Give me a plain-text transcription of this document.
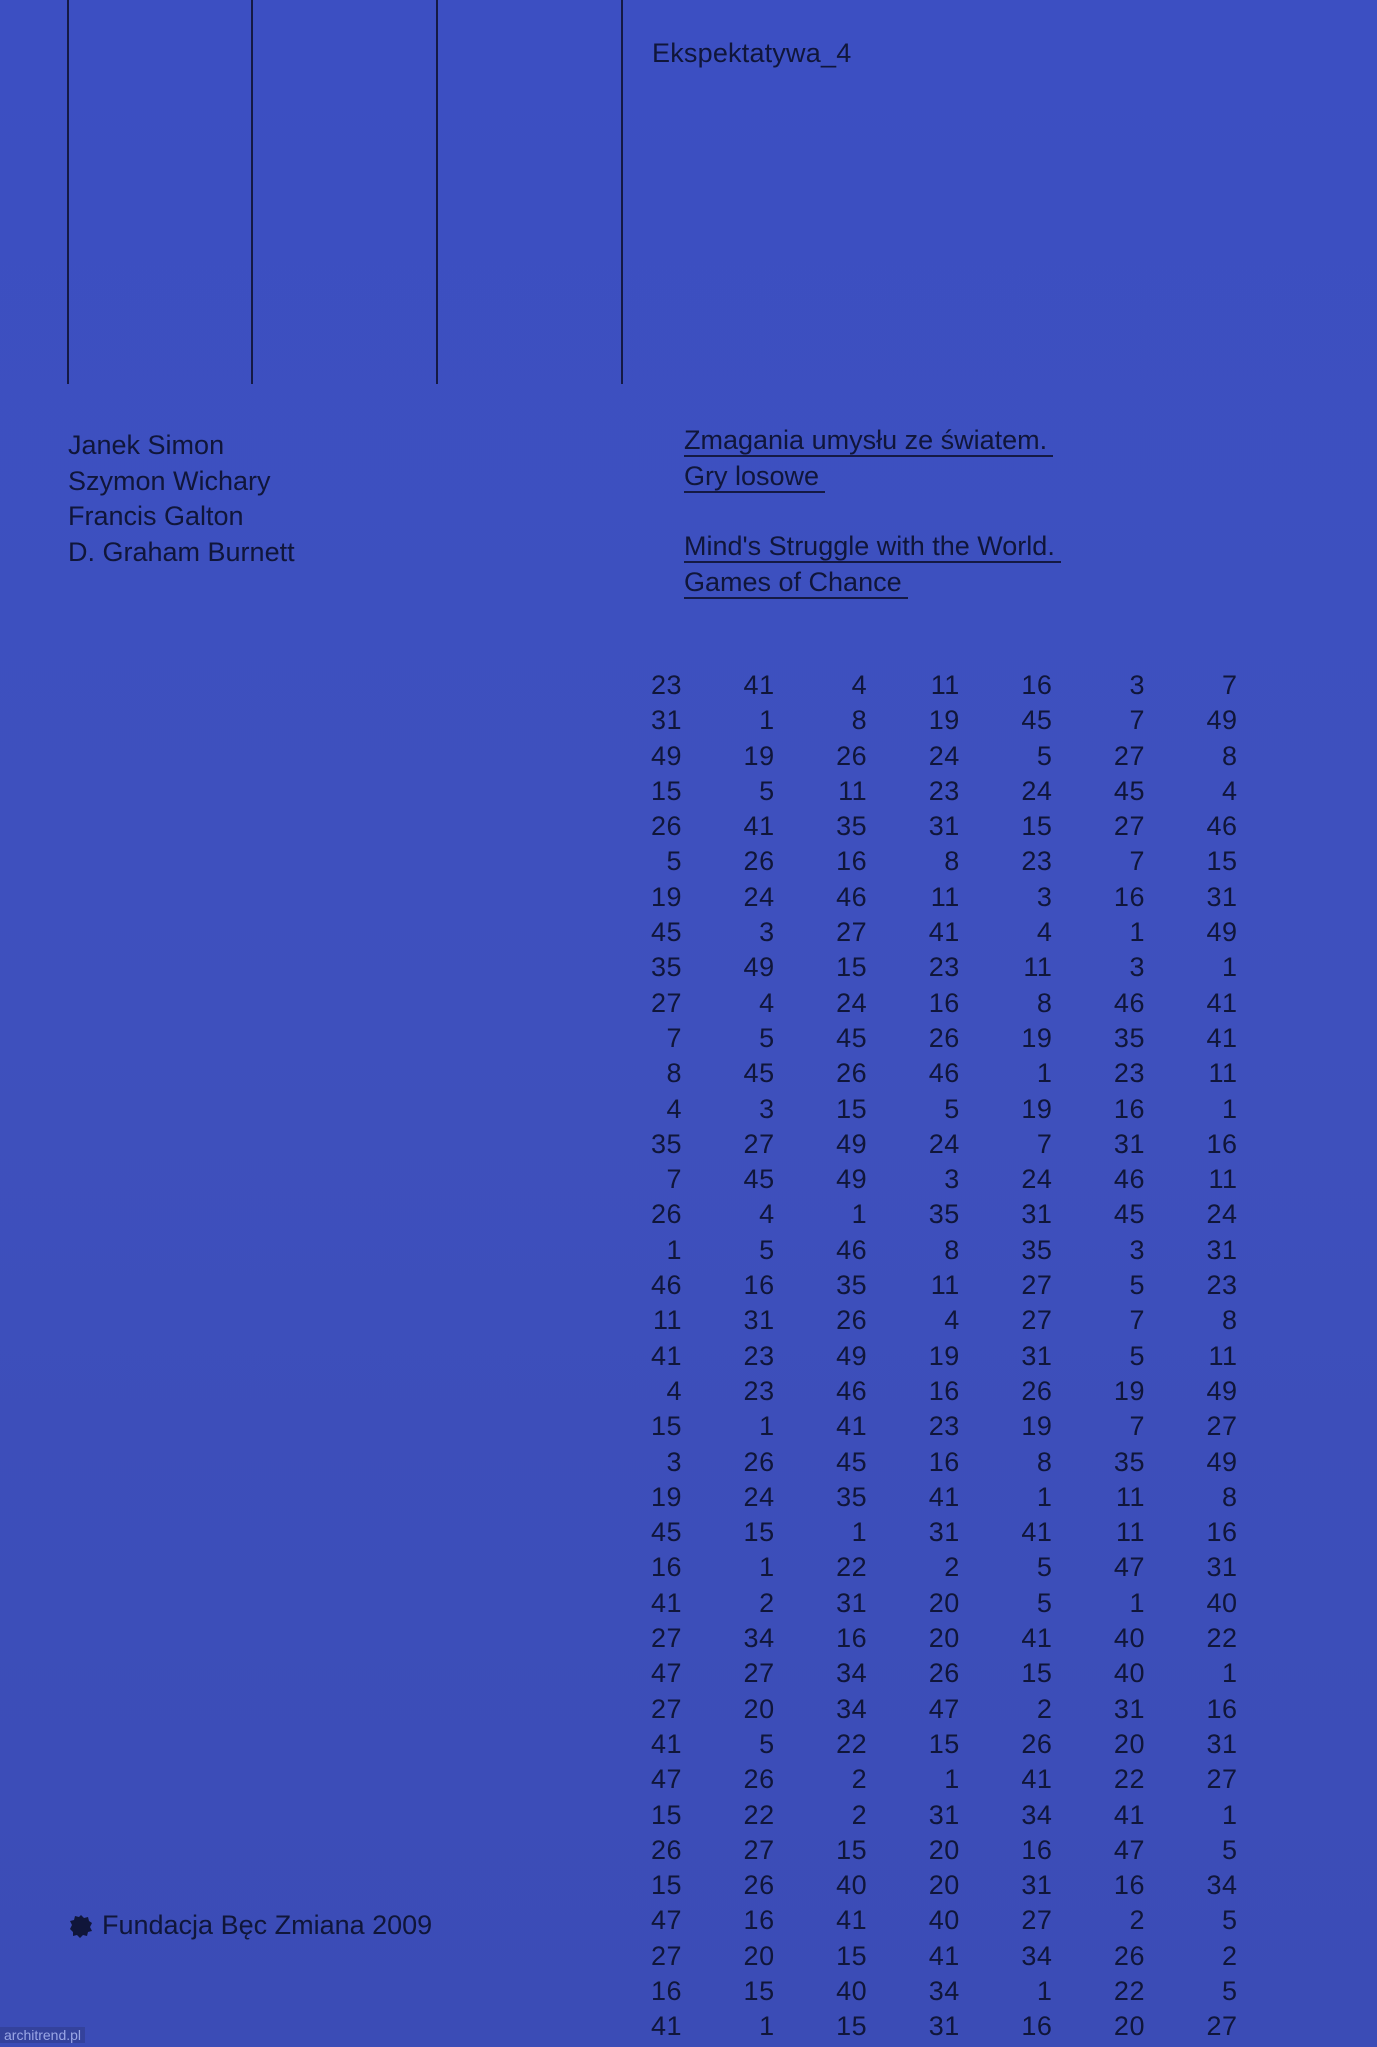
Ekspektatywa_4
Janek Simon
Szymon Wichary
Francis Galton
D. Graham Burnett
Zmagania umysłu ze światem.
Gry losowe
Mind's Struggle with the World.
Games of Chance
23	41	4	11	16	3	7
31	1	8	19	45	7	49
49	19	26	24	5	27	8
15	5	11	23	24	45	4
26	41	35	31	15	27	46
5	26	16	8	23	7	15
19	24	46	11	3	16	31
45	3	27	41	4	1	49
35	49	15	23	11	3	1
27	4	24	16	8	46	41
7	5	45	26	19	35	41
8	45	26	46	1	23	11
4	3	15	5	19	16	1
35	27	49	24	7	31	16
7	45	49	3	24	46	11
26	4	1	35	31	45	24
1	5	46	8	35	3	31
46	16	35	11	27	5	23
11	31	26	4	27	7	8
41	23	49	19	31	5	11
4	23	46	16	26	19	49
15	1	41	23	19	7	27
3	26	45	16	8	35	49
19	24	35	41	1	11	8
45	15	1	31	41	11	16
16	1	22	2	5	47	31
41	2	31	20	5	1	40
27	34	16	20	41	40	22
47	27	34	26	15	40	1
27	20	34	47	2	31	16
41	5	22	15	26	20	31
47	26	2	1	41	22	27
15	22	2	31	34	41	1
26	27	15	20	16	47	5
15	26	40	20	31	16	34
47	16	41	40	27	2	5
27	20	15	41	34	26	2
16	15	40	34	1	22	5
41	1	15	31	16	20	27
Fundacja Bęc Zmiana 2009
architrend.pl
